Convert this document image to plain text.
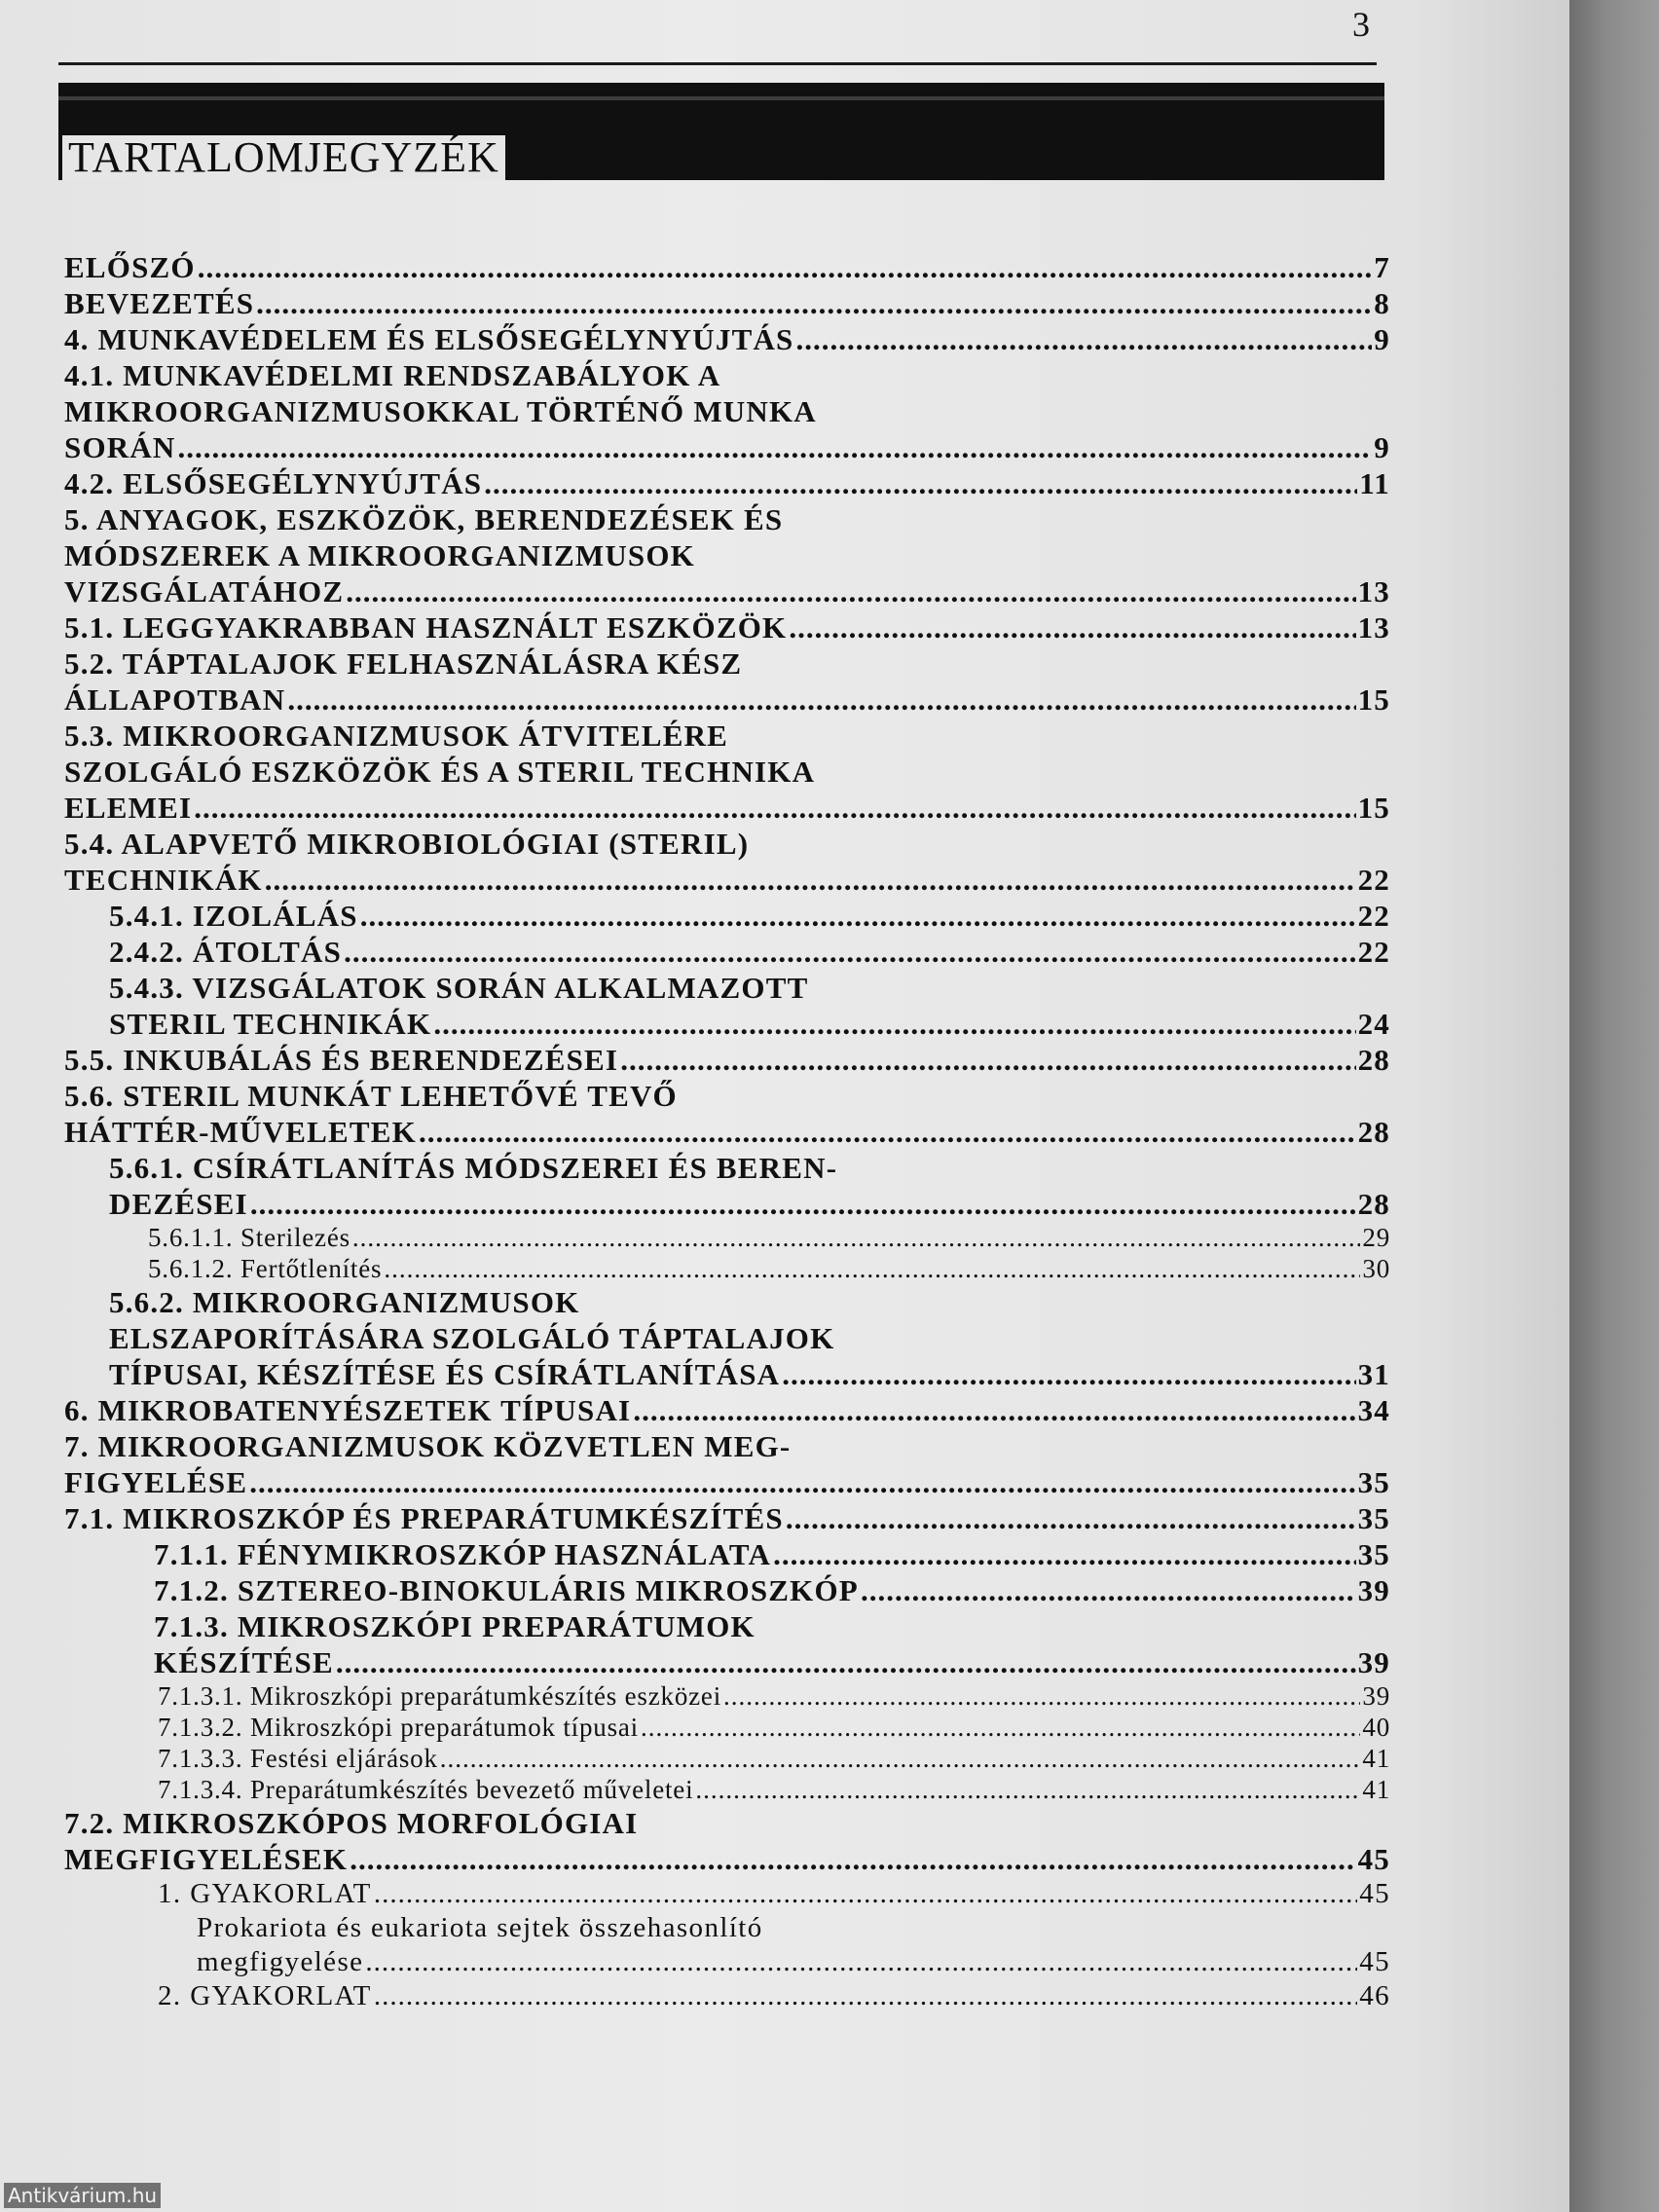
3
TARTALOMJEGYZÉK
ELŐSZÓ .....	7
BEVEZETÉS .....	8
4. MUNKAVÉDELEM ÉS ELSŐSEGÉLYNYÚJTÁS .....	9
4.1. MUNKAVÉDELMI RENDSZABÁLYOK A
MIKROORGANIZMUSOKKAL TÖRTÉNŐ MUNKA
SORÁN .....	9
4.2. ELSŐSEGÉLYNYÚJTÁS .....	11
5. ANYAGOK, ESZKÖZÖK, BERENDEZÉSEK ÉS
MÓDSZEREK A MIKROORGANIZMUSOK
VIZSGÁLATÁHOZ .....	13
5.1. LEGGYAKRABBAN HASZNÁLT ESZKÖZÖK .....	13
5.2. TÁPTALAJOK FELHASZNÁLÁSRA KÉSZ
ÁLLAPOTBAN .....	15
5.3. MIKROORGANIZMUSOK ÁTVITELÉRE
SZOLGÁLÓ ESZKÖZÖK ÉS A STERIL TECHNIKA
ELEMEI .....	15
5.4. ALAPVETŐ MIKROBIOLÓGIAI (STERIL)
TECHNIKÁK .....	22
5.4.1. IZOLÁLÁS .....	22
2.4.2. ÁTOLTÁS .....	22
5.4.3. VIZSGÁLATOK SORÁN ALKALMAZOTT
STERIL TECHNIKÁK .....	24
5.5. INKUBÁLÁS ÉS BERENDEZÉSEI .....	28
5.6. STERIL MUNKÁT LEHETŐVÉ TEVŐ
HÁTTÉR-MŰVELETEK .....	28
5.6.1. CSÍRÁTLANÍTÁS MÓDSZEREI ÉS BEREN-
DEZÉSEI .....	28
5.6.1.1. Sterilezés .....	29
5.6.1.2. Fertőtlenítés .....	30
5.6.2. MIKROORGANIZMUSOK
ELSZAPORÍTÁSÁRA SZOLGÁLÓ TÁPTALAJOK
TÍPUSAI, KÉSZÍTÉSE ÉS CSÍRÁTLANÍTÁSA .....	31
6. MIKROBATENYÉSZETEK TÍPUSAI .....	34
7. MIKROORGANIZMUSOK KÖZVETLEN MEG-
FIGYELÉSE .....	35
7.1. MIKROSZKÓP ÉS PREPARÁTUMKÉSZÍTÉS .....	35
7.1.1. FÉNYMIKROSZKÓP HASZNÁLATA .....	35
7.1.2. SZTEREO-BINOKULÁRIS MIKROSZKÓP .....	39
7.1.3. MIKROSZKÓPI PREPARÁTUMOK
KÉSZÍTÉSE .....	39
7.1.3.1. Mikroszkópi preparátumkészítés eszközei .....	39
7.1.3.2. Mikroszkópi preparátumok típusai .....	40
7.1.3.3. Festési eljárások .....	41
7.1.3.4. Preparátumkészítés bevezető műveletei .....	41
7.2. MIKROSZKÓPOS MORFOLÓGIAI
MEGFIGYELÉSEK .....	45
1. GYAKORLAT .....	45
Prokariota és eukariota sejtek összehasonlító
megfigyelése .....	45
2. GYAKORLAT .....	46
Antikvárium.hu
